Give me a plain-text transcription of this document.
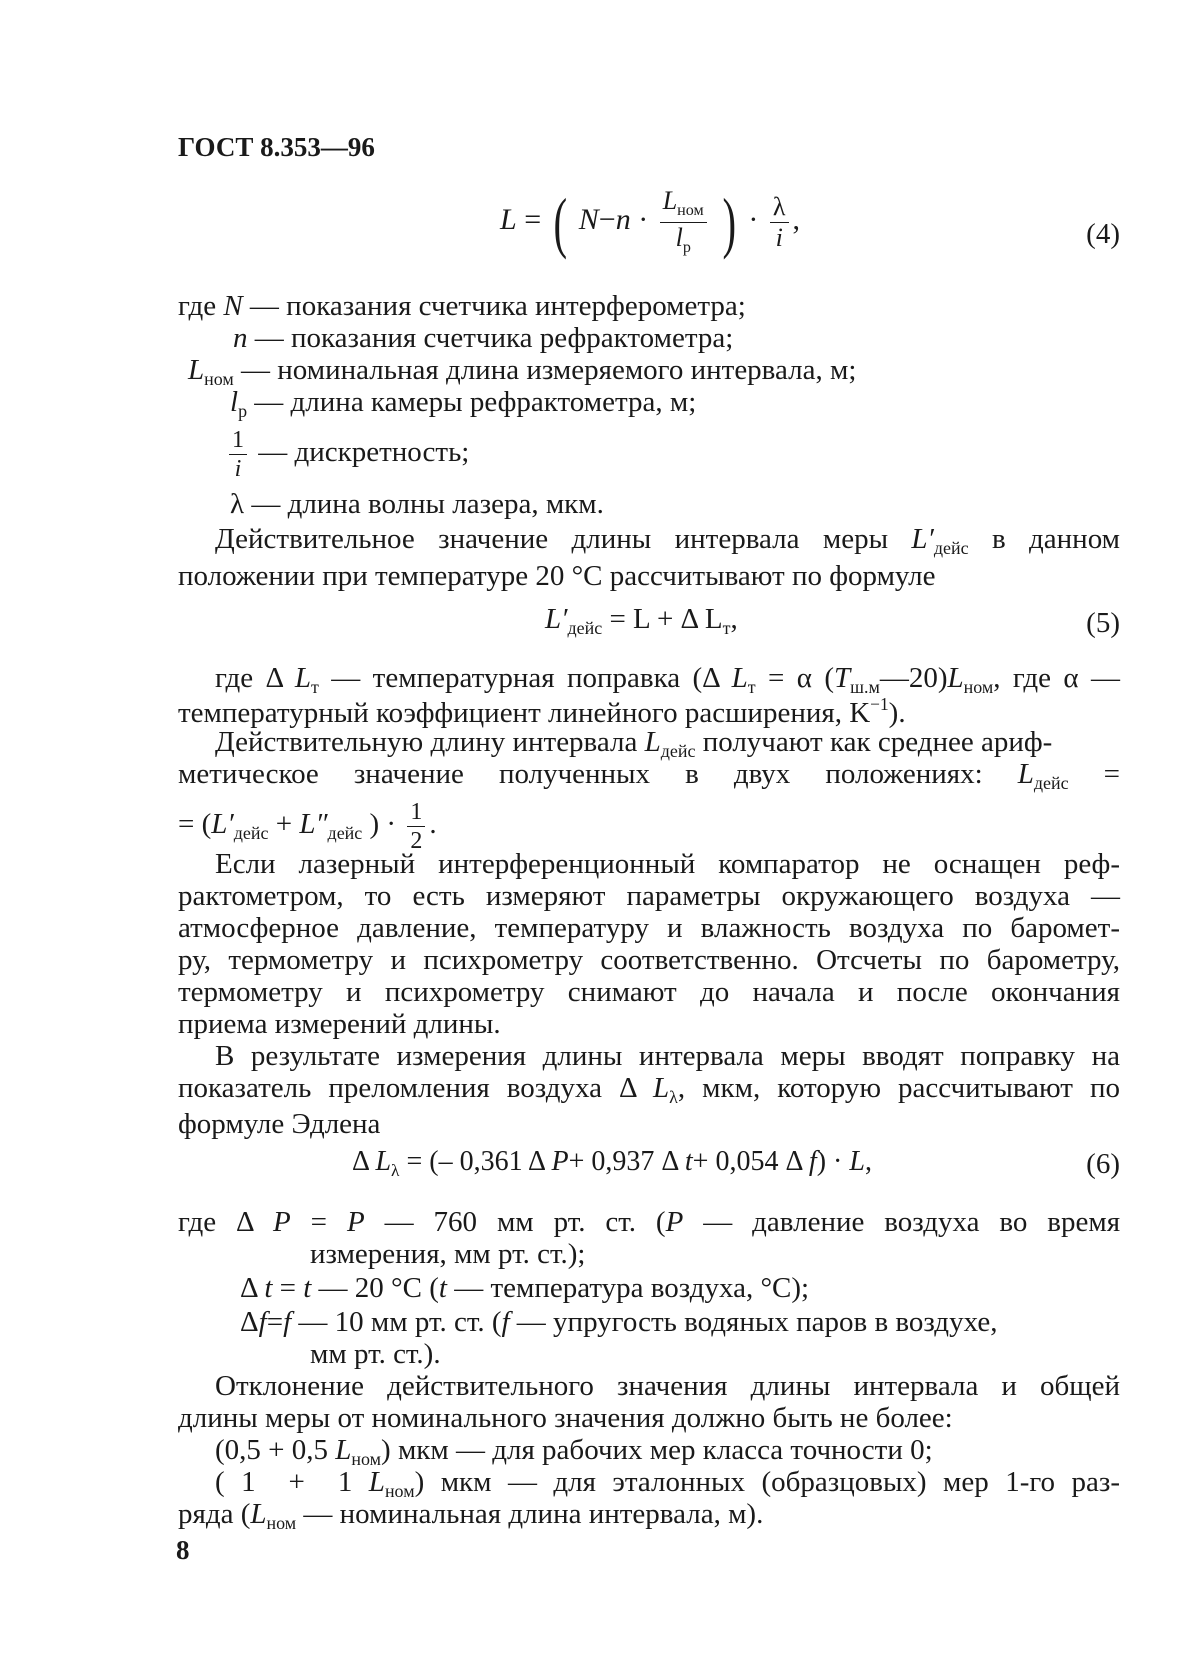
ГОСТ 8.353—96
L = ( $N-n \cdot \frac{L_{ном}}{l_р}$ ) · $\frac{\lambda}{i}$ ,	(4)
где N — показания счетчика интерферометра;
n — показания счетчика рефрактометра;
$L_{ном}$ — номинальная длина измеряемого интервала, м;
$l_р$ — длина камеры рефрактометра, м;
$\frac{1}{i}$ — дискретность;
λ — длина волны лазера, мкм.
Действительное значение длины интервала меры $L'_{дейс}$ в данном
положении при температуре 20 °С рассчитывают по формуле
$L'_{дейс} = L + \Delta$ $L_т$,	(5)
где Δ $L_т$ — температурная поправка (Δ $L_т = \alpha$ $(T_{ш.м}—20)L_{ном}$, где α —
температурный коэффициент линейного расширения, $K^{-1}$).
Действительную длину интервала $L_{дейс}$ получают как среднее ариф-
метическое значение полученных в двух положениях: $L_{дейс}$ =
= ($L'_{дейс} + L''_{дейс}$ ) · $\frac{1}{2}$ .
Если лазерный интерференционный компаратор не оснащен реф-
рактометром, то есть измеряют параметры окружающего воздуха —
атмосферное давление, температуру и влажность воздуха по баромет-
ру, термометру и психрометру соответственно. Отсчеты по барометру,
термометру и психрометру снимают до начала и после окончания
приема измерений длины.
В результате измерения длины интервала меры вводят поправку на
показатель преломления воздуха Δ $L_\lambda$, мкм, которую рассчитывают по
формуле Эдлена
Δ $L_\lambda$ = (– 0,361 Δ P+ 0,937 Δ t+ 0,054 Δ f) · L,	(6)
где Δ P = P — 760 мм рт. ст. (P — давление воздуха во время
измерения, мм рт. ст.);
Δ t = t — 20 °С (t — температура воздуха, °С);
Δf=f — 10 мм рт. ст. (f — упругость водяных паров в воздухе,
мм рт. ст.).
Отклонение действительного значения длины интервала и общей
длины меры от номинального значения должно быть не более:
(0,5 + 0,5 $L_{ном}$) мкм — для рабочих мер класса точности 0;
( 1  +  1 $L_{ном}$) мкм — для эталонных (образцовых) мер 1-го раз-
ряда ($L_{ном}$ — номинальная длина интервала, м).
8
